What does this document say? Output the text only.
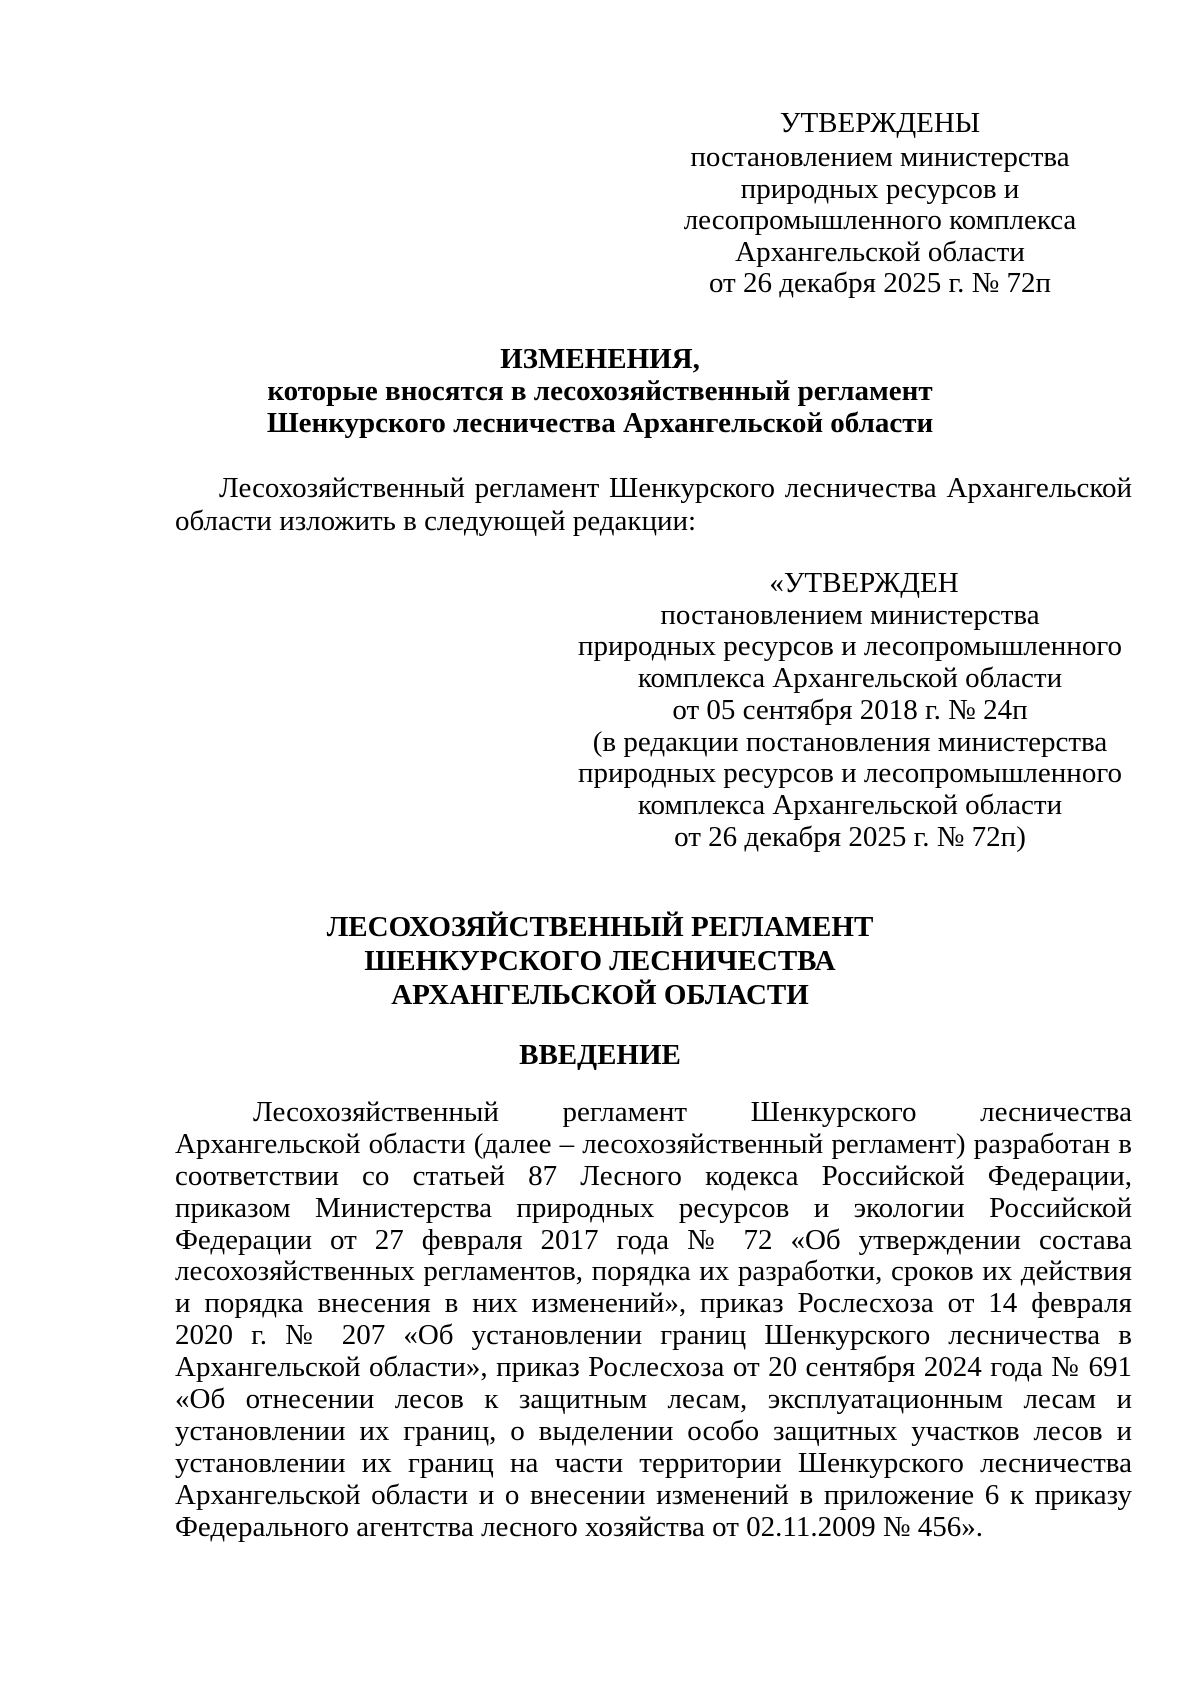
УТВЕРЖДЕНЫ
постановлением министерства
природных ресурсов и
лесопромышленного комплекса
Архангельской области
от 26 декабря 2025 г. № 72п
ИЗМЕНЕНИЯ,
которые вносятся в лесохозяйственный регламент
Шенкурского лесничества Архангельской области
Лесохозяйственный регламент Шенкурского лесничества Архангельской
области изложить в следующей редакции:
«УТВЕРЖДЕН
постановлением министерства
природных ресурсов и лесопромышленного
комплекса Архангельской области
от 05 сентября 2018 г. № 24п
(в редакции постановления министерства
природных ресурсов и лесопромышленного
комплекса Архангельской области
от 26 декабря 2025 г. № 72п)
ЛЕСОХОЗЯЙСТВЕННЫЙ РЕГЛАМЕНТ
ШЕНКУРСКОГО ЛЕСНИЧЕСТВА
АРХАНГЕЛЬСКОЙ ОБЛАСТИ
ВВЕДЕНИЕ
Лесохозяйственный регламент Шенкурского лесничества
Архангельской области (далее – лесохозяйственный регламент) разработан в
соответствии со статьей 87 Лесного кодекса Российской Федерации,
приказом Министерства природных ресурсов и экологии Российской
Федерации от 27 февраля 2017 года № 72 «Об утверждении состава
лесохозяйственных регламентов, порядка их разработки, сроков их действия
и порядка внесения в них изменений», приказ Рослесхоза от 14 февраля
2020 г. № 207 «Об установлении границ Шенкурского лесничества в
Архангельской области», приказ Рослесхоза от 20 сентября 2024 года № 691
«Об отнесении лесов к защитным лесам, эксплуатационным лесам и
установлении их границ, о выделении особо защитных участков лесов и
установлении их границ на части территории Шенкурского лесничества
Архангельской области и о внесении изменений в приложение 6 к приказу
Федерального агентства лесного хозяйства от 02.11.2009 № 456».
